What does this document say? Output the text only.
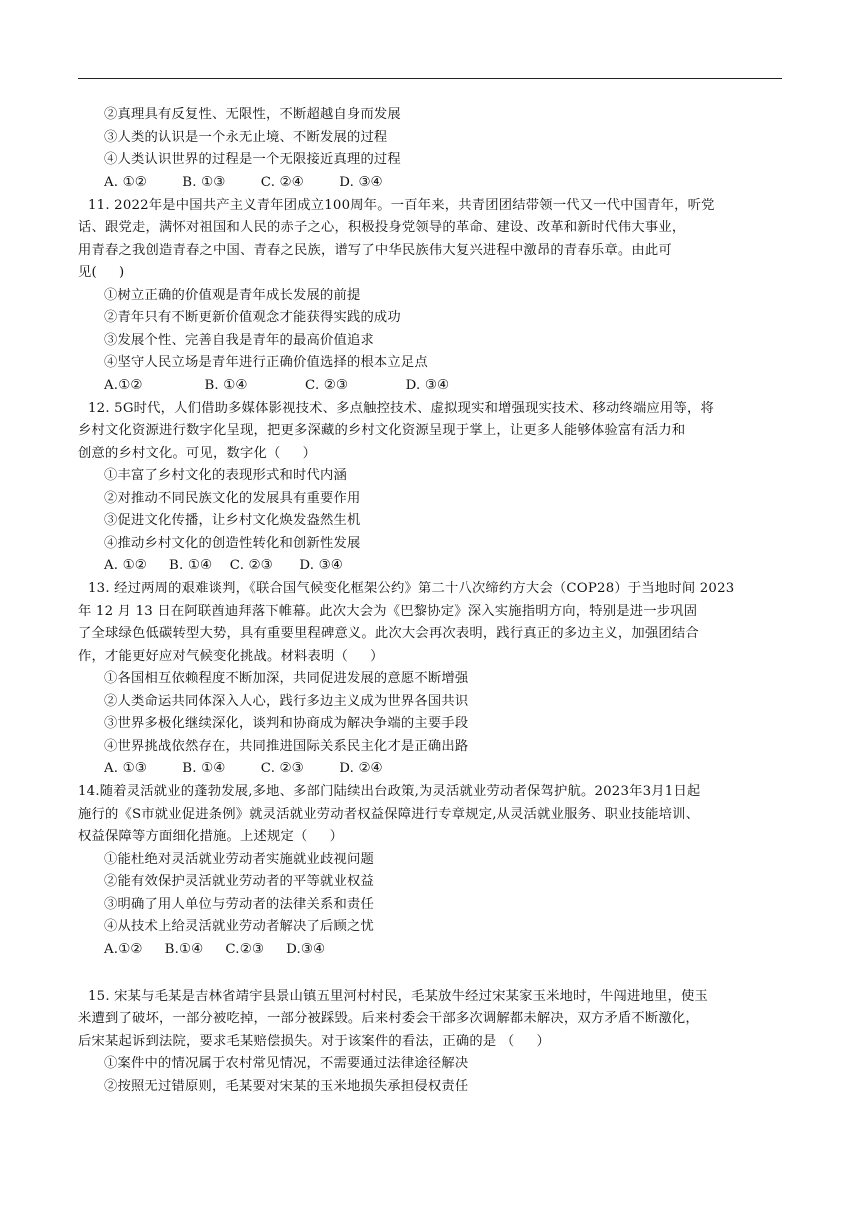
②真理具有反复性、无限性，不断超越自身而发展
③人类的认识是一个永无止境、不断发展的过程
④人类认识世界的过程是一个无限接近真理的过程
A. ①②        B. ①③        C. ②④        D. ③④
11. 2022年是中国共产主义青年团成立100周年。一百年来，共青团团结带领一代又一代中国青年，听党
话、跟党走，满怀对祖国和人民的赤子之心，积极投身党领导的革命、建设、改革和新时代伟大事业，
用青春之我创造青春之中国、青春之民族，谱写了中华民族伟大复兴进程中激昂的青春乐章。由此可
见(     )
①树立正确的价值观是青年成长发展的前提
②青年只有不断更新价值观念才能获得实践的成功
③发展个性、完善自我是青年的最高价值追求
④坚守人民立场是青年进行正确价值选择的根本立足点
A.①②              B. ①④             C. ②③             D. ③④
12. 5G时代，人们借助多媒体影视技术、多点触控技术、虚拟现实和增强现实技术、移动终端应用等，将
乡村文化资源进行数字化呈现，把更多深藏的乡村文化资源呈现于掌上，让更多人能够体验富有活力和
创意的乡村文化。可见，数字化（     ）
①丰富了乡村文化的表现形式和时代内涵
②对推动不同民族文化的发展具有重要作用
③促进文化传播，让乡村文化焕发盎然生机
④推动乡村文化的创造性转化和创新性发展
A. ①②     B. ①④    C. ②③      D. ③④
13. 经过两周的艰难谈判，《联合国气候变化框架公约》第二十八次缔约方大会（COP28）于当地时间 2023
年 12 月 13 日在阿联酋迪拜落下帷幕。此次大会为《巴黎协定》深入实施指明方向，特别是进一步巩固
了全球绿色低碳转型大势，具有重要里程碑意义。此次大会再次表明，践行真正的多边主义，加强团结合
作，才能更好应对气候变化挑战。材料表明（     ）
①各国相互依赖程度不断加深，共同促进发展的意愿不断增强
②人类命运共同体深入人心，践行多边主义成为世界各国共识
③世界多极化继续深化，谈判和协商成为解决争端的主要手段
④世界挑战依然存在，共同推进国际关系民主化才是正确出路
A. ①③        B. ①④        C. ②③        D. ②④
14.随着灵活就业的蓬勃发展,多地、多部门陆续出台政策,为灵活就业劳动者保驾护航。2023年3月1日起
施行的《S市就业促进条例》就灵活就业劳动者权益保障进行专章规定,从灵活就业服务、职业技能培训、
权益保障等方面细化措施。上述规定（     ）
①能杜绝对灵活就业劳动者实施就业歧视问题
②能有效保护灵活就业劳动者的平等就业权益
③明确了用人单位与劳动者的法律关系和责任
④从技术上给灵活就业劳动者解决了后顾之忧
A.①②     B.①④     C.②③     D.③④
15. 宋某与毛某是吉林省靖宇县景山镇五里河村村民，毛某放牛经过宋某家玉米地时，牛闯进地里，使玉
米遭到了破坏，一部分被吃掉，一部分被踩毁。后来村委会干部多次调解都未解决，双方矛盾不断激化，
后宋某起诉到法院，要求毛某赔偿损失。对于该案件的看法，正确的是 （     ）
①案件中的情况属于农村常见情况，不需要通过法律途径解决
②按照无过错原则，毛某要对宋某的玉米地损失承担侵权责任
